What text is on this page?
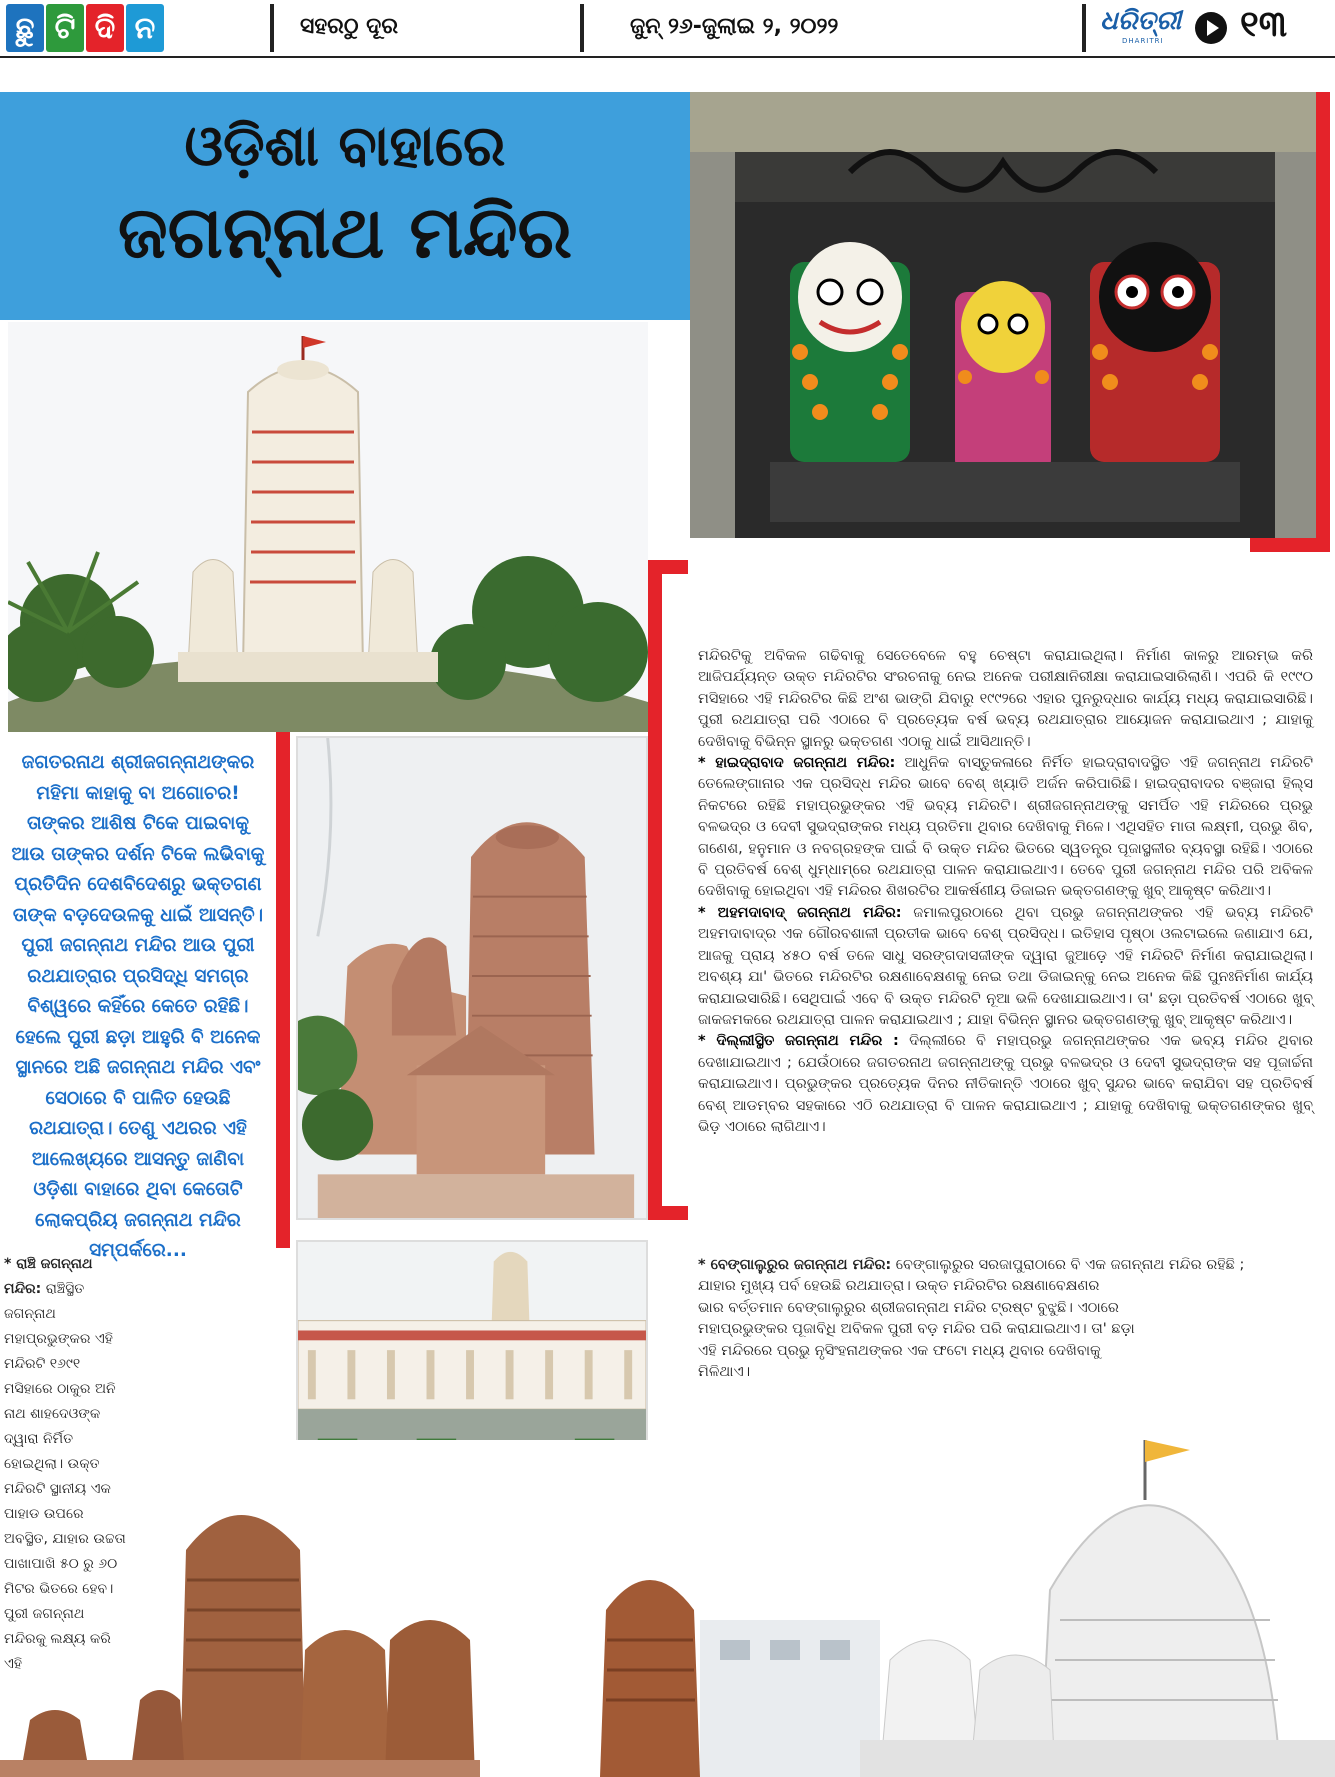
ଛୁ ଟି ଦି ନ	ସହରଠୁ ଦୂର	ଜୁନ୍ ୨୬-ଜୁଲାଇ ୨, ୨୦୨୨	ଧରିତ୍ରୀ
DHARITRI	୧୩
ଓଡ଼ିଶା ବାହାରେ
ଜଗନ୍ନାଥ ମନ୍ଦିର
ଜଗତରନାଥ ଶ୍ରୀଜଗନ୍ନାଥଙ୍କର ମହିମା କାହାକୁ ବା ଅଗୋଚର! ତାଙ୍କର ଆଶିଷ ଟିକେ ପାଇବାକୁ ଆଉ ତାଙ୍କର ଦର୍ଶନ ଟିକେ ଲଭିବାକୁ ପ୍ରତିଦିନ ଦେଶବିଦେଶରୁ ଭକ୍ତଗଣ ତାଙ୍କ ବଡ଼ଦେଉଳକୁ ଧାଇଁ ଆସନ୍ତି। ପୁରୀ ଜଗନ୍ନାଥ ମନ୍ଦିର ଆଉ ପୁରୀ ରଥଯାତ୍ରାର ପ୍ରସିଦ୍ଧି ସମଗ୍ର ବିଶ୍ୱରେ କହିଁରେ କେତେ ରହିଛି। ହେଲେ ପୁରୀ ଛଡ଼ା ଆହୁରି ବି ଅନେକ ସ୍ଥାନରେ ଅଛି ଜଗନ୍ନାଥ ମନ୍ଦିର ଏବଂ ସେଠାରେ ବି ପାଳିତ ହେଉଛି ରଥଯାତ୍ରା। ତେଣୁ ଏଥରର ଏହି ଆଲେଖ୍ୟରେ ଆସନ୍ତୁ ଜାଣିବା ଓଡ଼ିଶା ବାହାରେ ଥିବା କେତୋଟି ଲୋକପ୍ରିୟ ଜଗନ୍ନାଥ ମନ୍ଦିର ସମ୍ପର୍କରେ...
* ରାଞ୍ଚି ଜଗନ୍ନାଥ ମନ୍ଦିର: ରାଞ୍ଚିସ୍ଥିତ ଜଗନ୍ନାଥ ମହାପ୍ରଭୁଙ୍କର ଏହି ମନ୍ଦିରଟି ୧୬୯୧ ମସିହାରେ ଠାକୁର ଅନି ନାଥ ଶାହଦେଓଙ୍କ ଦ୍ୱାରା ନିର୍ମିତ ହୋଇଥିଲା। ଉକ୍ତ ମନ୍ଦିରଟି ସ୍ଥାନୀୟ ଏକ ପାହାଡ ଉପରେ ଅବସ୍ଥିତ, ଯାହାର ଉଚ୍ଚତା ପାଖାପାଖି ୫୦ ରୁ ୬୦ ମିଟର ଭିତରେ ହେବ। ପୁରୀ ଜଗନ୍ନାଥ ମନ୍ଦିରକୁ ଲକ୍ଷ୍ୟ କରି ଏହି

ମନ୍ଦିରଟିକୁ ଅବିକଳ ଗଢିବାକୁ ସେତେବେଳେ ବହୁ ଚେଷ୍ଟା କରାଯାଇଥିଲା। ନିର୍ମାଣ କାଳରୁ ଆରମ୍ଭ କରି ଆଜିପର୍ଯ୍ୟନ୍ତ ଉକ୍ତ ମନ୍ଦିରଟିର ସଂରଚନାକୁ ନେଇ ଅନେକ ପରୀକ୍ଷାନିରୀକ୍ଷା କରାଯାଇସାରିଲାଣି। ଏପରି କି ୧୯୯୦ ମସିହାରେ ଏହି ମନ୍ଦିରଟିର କିଛି ଅଂଶ ଭାଙ୍ଗି ଯିବାରୁ ୧୯୯୨ରେ ଏହାର ପୁନରୁଦ୍ଧାର କାର୍ଯ୍ୟ ମଧ୍ୟ କରାଯାଇସାରିଛି। ପୁରୀ ରଥଯାତ୍ରା ପରି ଏଠାରେ ବି ପ୍ରତ୍ୟେକ ବର୍ଷ ଭବ୍ୟ ରଥଯାତ୍ରାର ଆୟୋଜନ କରାଯାଇଥାଏ ; ଯାହାକୁ ଦେଖିବାକୁ ବିଭିନ୍ନ ସ୍ଥାନରୁ ଭକ୍ତଗଣ ଏଠାକୁ ଧାଇଁ ଆସିଥାନ୍ତି।

* ହାଇଦ୍ରାବାଦ ଜଗନ୍ନାଥ ମନ୍ଦିର: ଆଧୁନିକ ବାସ୍ତୁକଳାରେ ନିର୍ମିତ ହାଇଦ୍ରାବାଦସ୍ଥିତ ଏହି ଜଗନ୍ନାଥ ମନ୍ଦିରଟି ତେଲେଙ୍ଗାନାର ଏକ ପ୍ରସିଦ୍ଧ ମନ୍ଦିର ଭାବେ ବେଶ୍ ଖ୍ୟାତି ଅର୍ଜନ କରିପାରିଛି। ହାଇଦ୍ରାବାଦର ବଞ୍ଜାରା ହିଲ୍ସ ନିକଟରେ ରହିଛି ମହାପ୍ରଭୁଙ୍କର ଏହି ଭବ୍ୟ ମନ୍ଦିରଟି। ଶ୍ରୀଜଗନ୍ନାଥଙ୍କୁ ସମର୍ପିତ ଏହି ମନ୍ଦିରରେ ପ୍ରଭୁ ବଳଭଦ୍ର ଓ ଦେବୀ ସୁଭଦ୍ରାଙ୍କର ମଧ୍ୟ ପ୍ରତିମା ଥିବାର ଦେଖିବାକୁ ମିଳେ। ଏଥିସହିତ ମାତା ଲକ୍ଷ୍ମୀ, ପ୍ରଭୁ ଶିବ, ଗଣେଶ, ହନୁମାନ ଓ ନବଗ୍ରହଙ୍କ ପାଇଁ ବି ଉକ୍ତ ମନ୍ଦିର ଭିତରେ ସ୍ୱତନ୍ତ୍ର ପୂଜାସ୍ଥଳୀର ବ୍ୟବସ୍ଥା ରହିଛି। ଏଠାରେ ବି ପ୍ରତିବର୍ଷ ବେଶ୍ ଧୁମ୍‌ଧାମ୍‌ରେ ରଥଯାତ୍ରା ପାଳନ କରାଯାଇଥାଏ। ତେବେ ପୁରୀ ଜଗନ୍ନାଥ ମନ୍ଦିର ପରି ଅବିକଳ ଦେଖିବାକୁ ହୋଇଥିବା ଏହି ମନ୍ଦିରର ଶିଖରଟିର ଆକର୍ଷଣୀୟ ଡିଜାଇନ ଭକ୍ତଗଣଙ୍କୁ ଖୁବ୍ ଆକୃଷ୍ଟ କରିଥାଏ।

* ଅହମଦାବାଦ୍ ଜଗନ୍ନାଥ ମନ୍ଦିର: ଜମାଲପୁରଠାରେ ଥିବା ପ୍ରଭୁ ଜଗନ୍ନାଥଙ୍କର ଏହି ଭବ୍ୟ ମନ୍ଦିରଟି ଅହମଦାବାଦ୍‌ର ଏକ ଗୌରବଶାଳୀ ପ୍ରତୀକ ଭାବେ ବେଶ୍ ପ୍ରସିଦ୍ଧ। ଇତିହାସ ପୃଷ୍ଠା ଓଲଟାଇଲେ ଜଣାଯାଏ ଯେ, ଆଜକୁ ପ୍ରାୟ ୪୫୦ ବର୍ଷ ତଳେ ସାଧୁ ସରଙ୍ଗଦାସଜୀଙ୍କ ଦ୍ୱାରା ଜୁଆଡ଼େ ଏହି ମନ୍ଦିରଟି ନିର୍ମାଣ କରାଯାଇଥିଲା। ଅବଶ୍ୟ ଯା' ଭିତରେ ମନ୍ଦିରଟିର ରକ୍ଷଣାବେକ୍ଷଣକୁ ନେଇ ତଥା ଡିଜାଇନ୍‌କୁ ନେଇ ଅନେକ କିଛି ପୁନଃନିର୍ମାଣ କାର୍ଯ୍ୟ କରାଯାଇସାରିଛି। ସେଥିପାଇଁ ଏବେ ବି ଉକ୍ତ ମନ୍ଦିରଟି ନୂଆ ଭଳି ଦେଖାଯାଇଥାଏ। ତା' ଛଡ଼ା ପ୍ରତିବର୍ଷ ଏଠାରେ ଖୁବ୍ ଜାକଜମକରେ ରଥଯାତ୍ରା ପାଳନ କରାଯାଇଥାଏ ; ଯାହା ବିଭିନ୍ନ ସ୍ଥାନର ଭକ୍ତଗଣଙ୍କୁ ଖୁବ୍ ଆକୃଷ୍ଟ କରିଥାଏ।

* ଦିଲ୍ଲୀସ୍ଥିତ ଜଗନ୍ନାଥ ମନ୍ଦିର : ଦିଲ୍ଲୀରେ ବି ମହାପ୍ରଭୁ ଜଗନ୍ନାଥଙ୍କର ଏକ ଭବ୍ୟ ମନ୍ଦିର ଥିବାର ଦେଖାଯାଇଥାଏ ; ଯେଉଁଠାରେ ଜଗତରନାଥ ଜଗନ୍ନାଥଙ୍କୁ ପ୍ରଭୁ ବଳଭଦ୍ର ଓ ଦେବୀ ସୁଭଦ୍ରାଙ୍କ ସହ ପୂଜାର୍ଚ୍ଚନା କରାଯାଇଥାଏ। ପ୍ରଭୁଙ୍କର ପ୍ରତ୍ୟେକ ଦିନର ନୀତିକାନ୍ତି ଏଠାରେ ଖୁବ୍ ସୁନ୍ଦର ଭାବେ କରାଯିବା ସହ ପ୍ରତିବର୍ଷ ବେଶ୍ ଆଡମ୍ବର ସହକାରେ ଏଠି ରଥଯାତ୍ରା ବି ପାଳନ କରାଯାଇଥାଏ ; ଯାହାକୁ ଦେଖିବାକୁ ଭକ୍ତଗଣଙ୍କର ଖୁବ୍ ଭିଡ଼ ଏଠାରେ ଲାଗିଥାଏ।

* ବେଙ୍ଗାଲୁରୁର ଜଗନ୍ନାଥ ମନ୍ଦିର: ବେଙ୍ଗାଲୁରୁର ସରଜାପୁରାଠାରେ ବି ଏକ ଜଗନ୍ନାଥ ମନ୍ଦିର ରହିଛି ;
ଯାହାର ମୁଖ୍ୟ ପର୍ବ ହେଉଛି ରଥଯାତ୍ରା। ଉକ୍ତ ମନ୍ଦିରଟିର ରକ୍ଷଣାବେକ୍ଷଣର
ଭାର ବର୍ତ୍ତମାନ ବେଙ୍ଗାଲୁରୁର ଶ୍ରୀଜଗନ୍ନାଥ ମନ୍ଦିର ଟ୍ରଷ୍ଟ ବୁଝୁଛି। ଏଠାରେ ମହାପ୍ରଭୁଙ୍କର ପୂଜାବିଧି ଅବିକଳ ପୁରୀ ବଡ଼ ମନ୍ଦିର ପରି କରାଯାଇଥାଏ। ତା' ଛଡ଼ା ଏହି ମନ୍ଦିରରେ ପ୍ରଭୁ ନୃସିଂହନାଥଙ୍କର ଏକ ଫଟୋ ମଧ୍ୟ ଥିବାର ଦେଖିବାକୁ ମିଳିଥାଏ।
